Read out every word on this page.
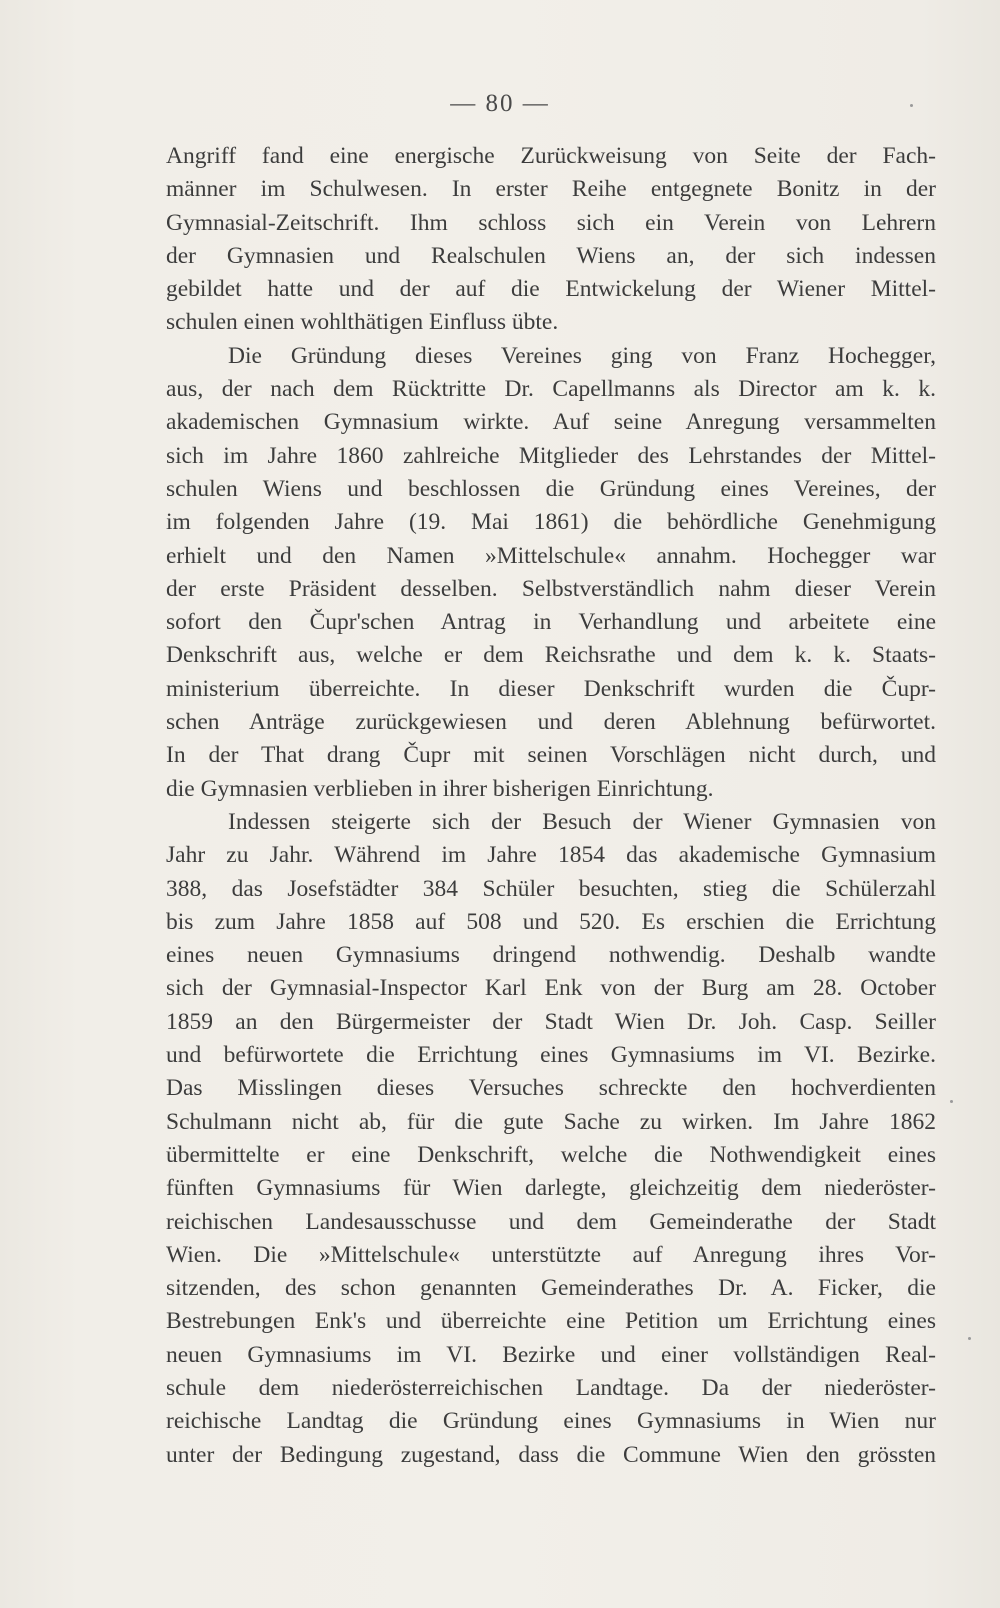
— 80 —
Angriff fand eine energische Zurückweisung von Seite der Fach-
männer im Schulwesen. In erster Reihe entgegnete Bonitz in der
Gymnasial-Zeitschrift. Ihm schloss sich ein Verein von Lehrern
der Gymnasien und Realschulen Wiens an, der sich indessen
gebildet hatte und der auf die Entwickelung der Wiener Mittel-
schulen einen wohlthätigen Einfluss übte.
Die Gründung dieses Vereines ging von Franz Hochegger,
aus, der nach dem Rücktritte Dr. Capellmanns als Director am k. k.
akademischen Gymnasium wirkte. Auf seine Anregung versammelten
sich im Jahre 1860 zahlreiche Mitglieder des Lehrstandes der Mittel-
schulen Wiens und beschlossen die Gründung eines Vereines, der
im folgenden Jahre (19. Mai 1861) die behördliche Genehmigung
erhielt und den Namen »Mittelschule« annahm. Hochegger war
der erste Präsident desselben. Selbstverständlich nahm dieser Verein
sofort den Čupr'schen Antrag in Verhandlung und arbeitete eine
Denkschrift aus, welche er dem Reichsrathe und dem k. k. Staats-
ministerium überreichte. In dieser Denkschrift wurden die Čupr-
schen Anträge zurückgewiesen und deren Ablehnung befürwortet.
In der That drang Čupr mit seinen Vorschlägen nicht durch, und
die Gymnasien verblieben in ihrer bisherigen Einrichtung.
Indessen steigerte sich der Besuch der Wiener Gymnasien von
Jahr zu Jahr. Während im Jahre 1854 das akademische Gymnasium
388, das Josefstädter 384 Schüler besuchten, stieg die Schülerzahl
bis zum Jahre 1858 auf 508 und 520. Es erschien die Errichtung
eines neuen Gymnasiums dringend nothwendig. Deshalb wandte
sich der Gymnasial-Inspector Karl Enk von der Burg am 28. October
1859 an den Bürgermeister der Stadt Wien Dr. Joh. Casp. Seiller
und befürwortete die Errichtung eines Gymnasiums im VI. Bezirke.
Das Misslingen dieses Versuches schreckte den hochverdienten
Schulmann nicht ab, für die gute Sache zu wirken. Im Jahre 1862
übermittelte er eine Denkschrift, welche die Nothwendigkeit eines
fünften Gymnasiums für Wien darlegte, gleichzeitig dem niederöster-
reichischen Landesausschusse und dem Gemeinderathe der Stadt
Wien. Die »Mittelschule« unterstützte auf Anregung ihres Vor-
sitzenden, des schon genannten Gemeinderathes Dr. A. Ficker, die
Bestrebungen Enk's und überreichte eine Petition um Errichtung eines
neuen Gymnasiums im VI. Bezirke und einer vollständigen Real-
schule dem niederösterreichischen Landtage. Da der niederöster-
reichische Landtag die Gründung eines Gymnasiums in Wien nur
unter der Bedingung zugestand, dass die Commune Wien den grössten
